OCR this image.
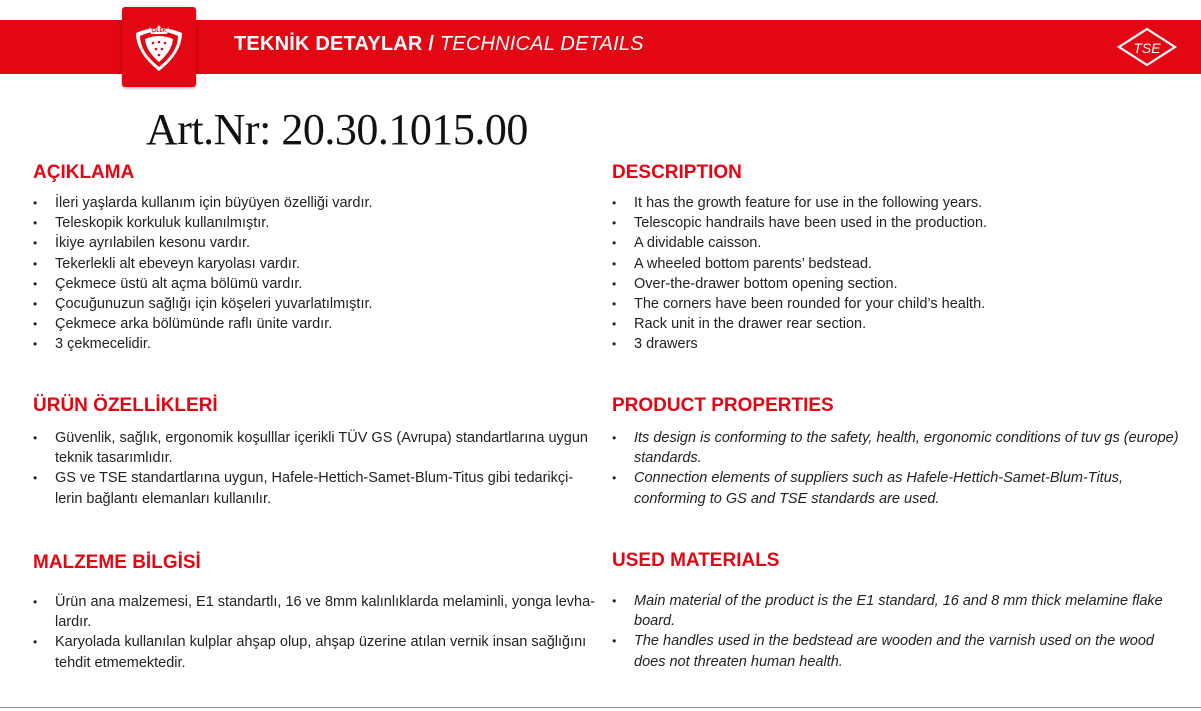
TEKNİK DETAYLAR / TECHNICAL DETAILS	TSE
ÇİLEK
Art.Nr: 20.30.1015.00
AÇIKLAMA
• İleri yaşlarda kullanım için büyüyen özelliği vardır.
• Teleskopik korkuluk kullanılmıştır.
• İkiye ayrılabilen kesonu vardır.
• Tekerlekli alt ebeveyn karyolası vardır.
• Çekmece üstü alt açma bölümü vardır.
• Çocuğunuzun sağlığı için köşeleri yuvarlatılmıştır.
• Çekmece arka bölümünde raflı ünite vardır.
• 3 çekmecelidir.
ÜRÜN ÖZELLİKLERİ
• Güvenlik, sağlık, ergonomik koşulllar içerikli TÜV GS (Avrupa) standartlarına uygun teknik tasarımlıdır.
• GS ve TSE standartlarına uygun, Hafele-Hettich-Samet-Blum-Titus gibi tedarikçi-lerin bağlantı elemanları kullanılır.
MALZEME BİLGİSİ
• Ürün ana malzemesi, E1 standartlı, 16 ve 8mm kalınlıklarda melaminli, yonga levha-lardır.
• Karyolada kullanılan kulplar ahşap olup, ahşap üzerine atılan vernik insan sağlığını tehdit etmemektedir.
DESCRIPTION
• It has the growth feature for use in the following years.
• Telescopic handrails have been used in the production.
• A dividable caisson.
• A wheeled bottom parents’ bedstead.
• Over-the-drawer bottom opening section.
• The corners have been rounded for your child’s health.
• Rack unit in the drawer rear section.
• 3 drawers
PRODUCT PROPERTIES
• Its design is conforming to the safety, health, ergonomic conditions of tuv gs (europe) standards.
• Connection elements of suppliers such as Hafele-Hettich-Samet-Blum-Titus, conforming to GS and TSE standards are used.
USED MATERIALS
• Main material of the product is the E1 standard, 16 and 8 mm thick melamine flake board.
• The handles used in the bedstead are wooden and the varnish used on the wood does not threaten human health.
